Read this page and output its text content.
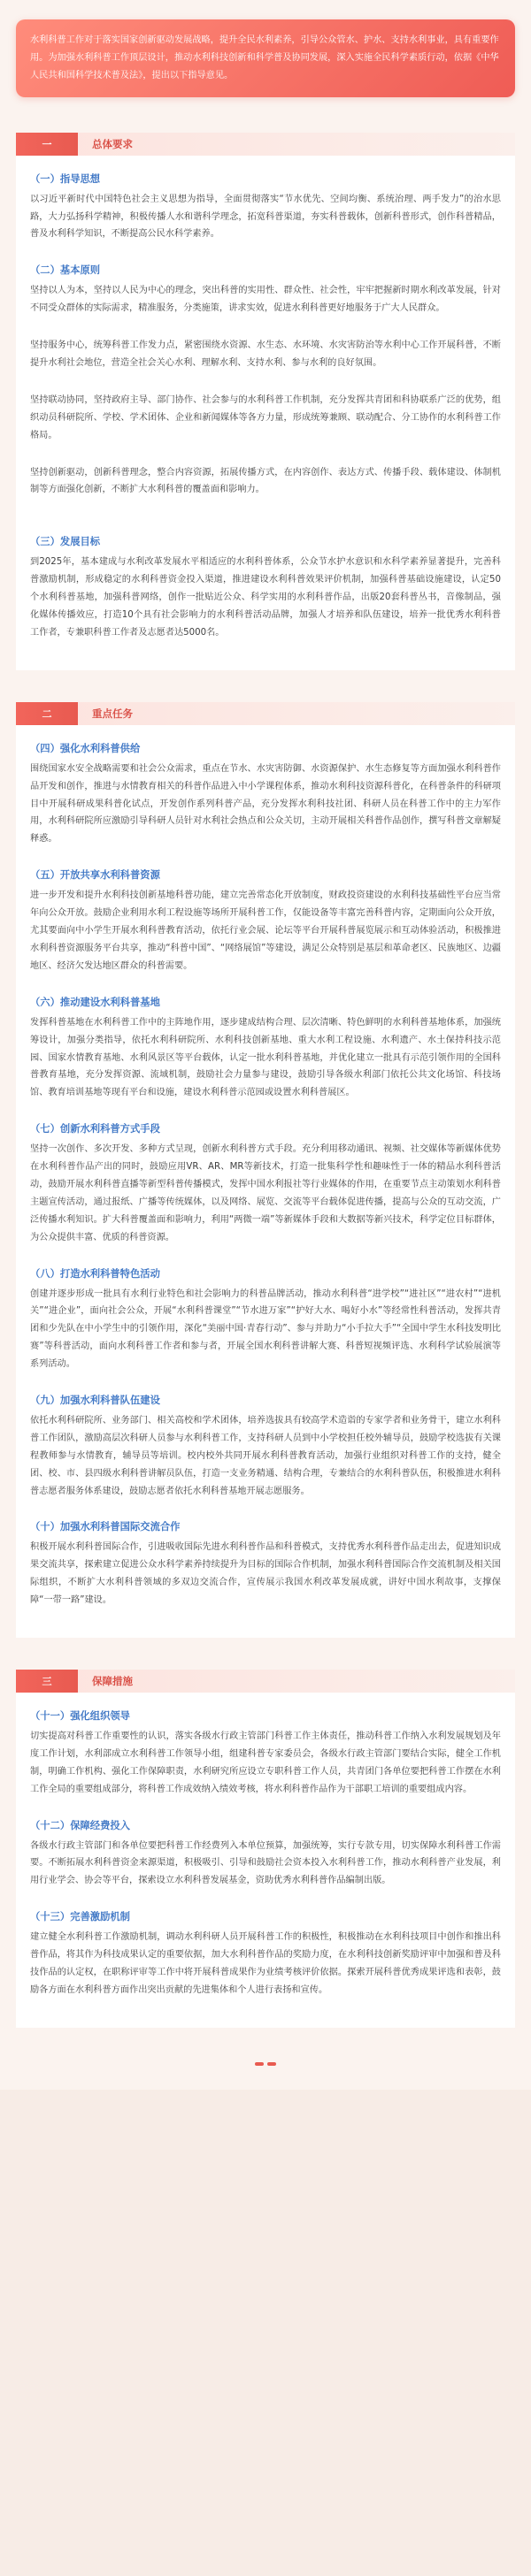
水利科普工作对于落实国家创新驱动发展战略，提升全民水利素养，引导公众管水、护水、支持水利事业，具有重要作用。为加强水利科普工作顶层设计，推动水利科技创新和科学普及协同发展，深入实施全民科学素质行动，依据《中华人民共和国科学技术普及法》，提出以下指导意见。
一	总体要求
（一）指导思想

以习近平新时代中国特色社会主义思想为指导，全面贯彻落实“节水优先、空间均衡、系统治理、两手发力”的治水思路，大力弘扬科学精神，积极传播人水和谐科学理念，拓宽科普渠道，夯实科普载体，创新科普形式，创作科普精品，普及水利科学知识，不断提高公民水科学素养。

（二）基本原则

坚持以人为本，坚持以人民为中心的理念，突出科普的实用性、群众性、社会性，牢牢把握新时期水利改革发展，针对不同受众群体的实际需求，精准服务，分类施策，讲求实效，促进水利科普更好地服务于广大人民群众。

坚持服务中心，统筹科普工作发力点，紧密围绕水资源、水生态、水环境、水灾害防治等水利中心工作开展科普，不断提升水利社会地位，营造全社会关心水利、理解水利、支持水利、参与水利的良好氛围。

坚持联动协同，坚持政府主导、部门协作、社会参与的水利科普工作机制，充分发挥共青团和科协联系广泛的优势，组织动员科研院所、学校、学术团体、企业和新闻媒体等各方力量，形成统筹兼顾、联动配合、分工协作的水利科普工作格局。

坚持创新驱动，创新科普理念，整合内容资源，拓展传播方式，在内容创作、表达方式、传播手段、载体建设、体制机制等方面强化创新，不断扩大水利科普的覆盖面和影响力。

（三）发展目标

到2025年，基本建成与水利改革发展水平相适应的水利科普体系，公众节水护水意识和水科学素养显著提升，完善科普激励机制，形成稳定的水利科普资金投入渠道，推进建设水利科普效果评价机制，加强科普基础设施建设，认定50个水利科普基地，加强科普网络，创作一批贴近公众、科学实用的水利科普作品，出版20套科普丛书，音像制品，强化媒体传播效应，打造10个具有社会影响力的水利科普活动品牌，加强人才培养和队伍建设，培养一批优秀水利科普工作者，专兼职科普工作者及志愿者达5000名。

二	重点任务
（四）强化水利科普供给

围绕国家水安全战略需要和社会公众需求，重点在节水、水灾害防御、水资源保护、水生态修复等方面加强水利科普作品开发和创作，推进与水情教育相关的科普作品进入中小学课程体系，推动水利科技资源科普化，在科普条件的科研项目中开展科研成果科普化试点，开发创作系列科普产品，充分发挥水利科技社团、科研人员在科普工作中的主力军作用，水利科研院所应激励引导科研人员针对水利社会热点和公众关切，主动开展相关科普作品创作，撰写科普文章解疑释惑。

（五）开放共享水利科普资源

进一步开发和提升水利科技创新基地科普功能，建立完善常态化开放制度，财政投资建设的水利科技基础性平台应当常年向公众开放。鼓励企业利用水利工程设施等场所开展科普工作，仅能设备等丰富完善科普内容，定期面向公众开放，尤其要面向中小学生开展水利科普教育活动，依托行业会展、论坛等平台开展科普展览展示和互动体验活动，积极推进水利科普资源服务平台共享，推动“科普中国”、“网络展馆”等建设，满足公众特别是基层和革命老区、民族地区、边疆地区、经济欠发达地区群众的科普需要。

（六）推动建设水利科普基地

发挥科普基地在水利科普工作中的主阵地作用，逐步建成结构合理、层次清晰、特色鲜明的水利科普基地体系，加强统筹设计，加强分类指导，依托水利科研院所、水利科技创新基地、重大水利工程设施、水利遗产、水土保持科技示范园、国家水情教育基地、水利风景区等平台载体，认定一批水利科普基地，并优化建立一批具有示范引领作用的全国科普教育基地，充分发挥资源、流域机制，鼓励社会力量参与建设，鼓励引导各级水利部门依托公共文化场馆、科技场馆、教育培训基地等现有平台和设施，建设水利科普示范园或设置水利科普展区。

（七）创新水利科普方式手段

坚持一次创作、多次开发、多种方式呈现，创新水利科普方式手段。充分利用移动通讯、视频、社交媒体等新媒体优势在水利科普作品产出的同时，鼓励应用VR、AR、MR等新技术，打造一批集科学性和趣味性于一体的精品水利科普活动，鼓励开展水利科普直播等新型科普传播模式，发挥中国水利报社等行业媒体的作用，在重要节点主动策划水利科普主题宣传活动，通过报纸、广播等传统媒体，以及网络、展览、交流等平台载体促进传播，提高与公众的互动交流，广泛传播水利知识。扩大科普覆盖面和影响力，利用“两微一端”等新媒体手段和大数据等新兴技术，科学定位目标群体，为公众提供丰富、优质的科普资源。

（八）打造水利科普特色活动

创建并逐步形成一批具有水利行业特色和社会影响力的科普品牌活动，推动水利科普“进学校”“进社区”“进农村”“进机关”“进企业”，面向社会公众，开展“水利科普课堂”“节水进万家”“护好大水、喝好小水”等经常性科普活动，发挥共青团和少先队在中小学生中的引领作用，深化“美丽中国·青春行动”、参与并助力“小手拉大手”“全国中学生水科技发明比赛”等科普活动，面向水利科普工作者和参与者，开展全国水利科普讲解大赛、科普短视频评选、水利科学试验展演等系列活动。

（九）加强水利科普队伍建设

依托水利科研院所、业务部门、相关高校和学术团体，培养选拔具有较高学术造诣的专家学者和业务骨干，建立水利科普工作团队，激励高层次科研人员参与水利科普工作，支持科研人员到中小学校担任校外辅导员，鼓励学校选拔有关课程教师参与水情教育，辅导员等培训。校内校外共同开展水利科普教育活动，加强行业组织对科普工作的支持，健全团、校、市、县四级水利科普讲解员队伍，打造一支业务精通、结构合理，专兼结合的水利科普队伍，积极推进水利科普志愿者服务体系建设，鼓励志愿者依托水利科普基地开展志愿服务。

（十）加强水利科普国际交流合作

积极开展水利科普国际合作，引进吸收国际先进水利科普作品和科普模式，支持优秀水利科普作品走出去，促进知识成果交流共享，探索建立促进公众水科学素养持续提升为目标的国际合作机制，加强水利科普国际合作交流机制及相关国际组织，不断扩大水利科普领域的多双边交流合作，宣传展示我国水利改革发展成就，讲好中国水利故事，支撑保障“一带一路”建设。

三	保障措施
（十一）强化组织领导

切实提高对科普工作重要性的认识，落实各级水行政主管部门科普工作主体责任，推动科普工作纳入水利发展规划及年度工作计划，水利部成立水利科普工作领导小组，组建科普专家委员会，各级水行政主管部门要结合实际，健全工作机制，明确工作机构、强化工作保障职责，水利研究所应设立专职科普工作人员，共青团门各单位要把科普工作摆在水利工作全局的重要组成部分，将科普工作成效纳入绩效考核，将水利科普作品作为干部职工培训的重要组成内容。

（十二）保障经费投入

各级水行政主管部门和各单位要把科普工作经费列入本单位预算，加强统筹，实行专款专用，切实保障水利科普工作需要。不断拓展水利科普资金来源渠道，积极吸引、引导和鼓励社会资本投入水利科普工作，推动水利科普产业发展，利用行业学会、协会等平台，探索设立水利科普发展基金，资助优秀水利科普作品编制出版。

（十三）完善激励机制

建立健全水利科普工作激励机制，调动水利科研人员开展科普工作的积极性，积极推动在水利科技项目中创作和推出科普作品，将其作为科技成果认定的重要依据，加大水利科普作品的奖励力度，在水利科技创新奖励评审中加强和普及科技作品的认定权，在职称评审等工作中将开展科普成果作为业绩考核评价依据。探索开展科普优秀成果评选和表彰，鼓励各方面在水利科普方面作出突出贡献的先进集体和个人进行表扬和宣传。
